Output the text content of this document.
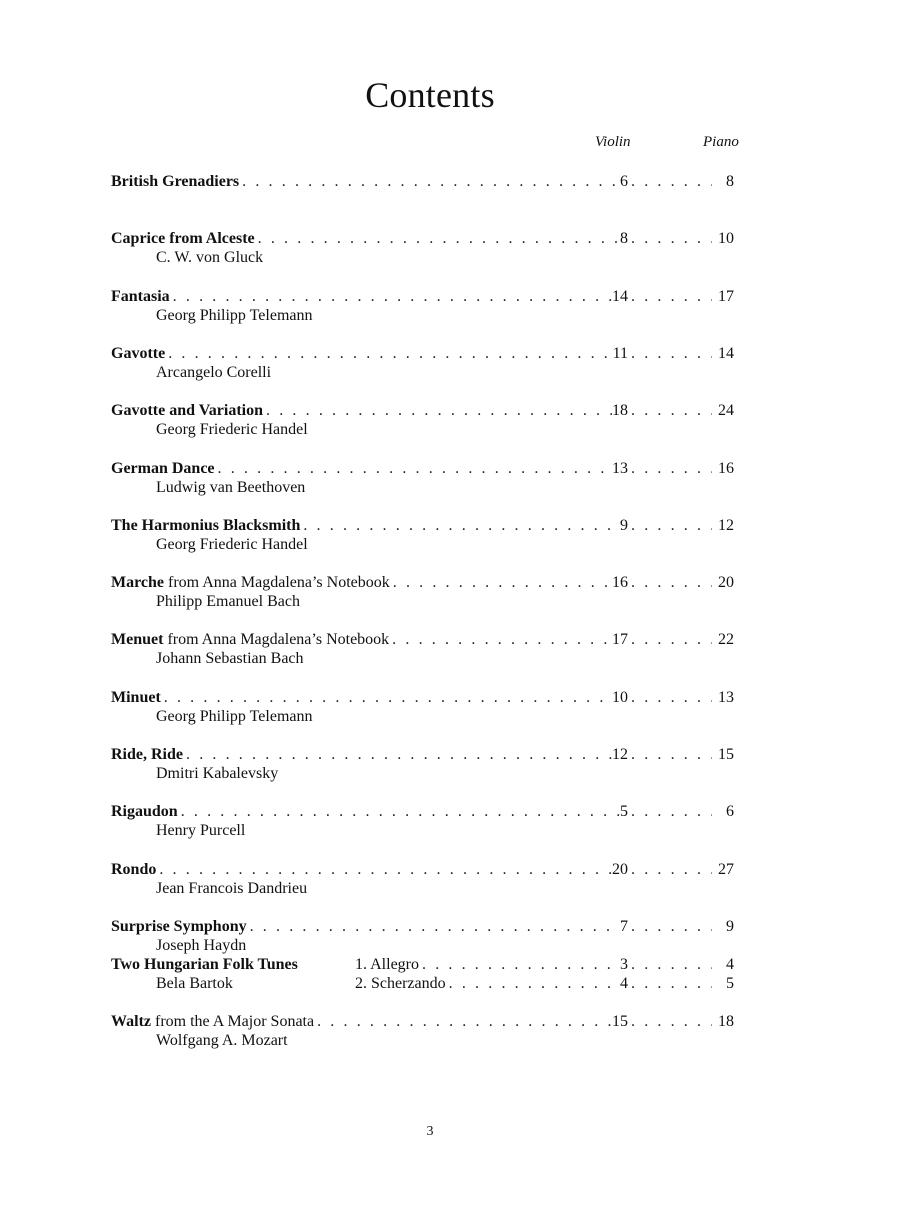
Contents
Violin	Piano
British Grenadiers . . .	6 . . .	8
Caprice from Alceste . . .	8 . . .	10
C. W. von Gluck
Fantasia . . .	14 . . .	17
Georg Philipp Telemann
Gavotte . . .	11 . . .	14
Arcangelo Corelli
Gavotte and Variation . . .	18 . . .	24
Georg Friederic Handel
German Dance . . .	13 . . .	16
Ludwig van Beethoven
The Harmonius Blacksmith . . .	9 . . .	12
Georg Friederic Handel
Marche from Anna Magdalena’s Notebook . . .	16 . . .	20
Philipp Emanuel Bach
Menuet from Anna Magdalena’s Notebook . . .	17 . . .	22
Johann Sebastian Bach
Minuet . . .	10 . . .	13
Georg Philipp Telemann
Ride, Ride . . .	12 . . .	15
Dmitri Kabalevsky
Rigaudon . . .	5 . . .	6
Henry Purcell
Rondo . . .	20 . . .	27
Jean Francois Dandrieu
Surprise Symphony . . .	7 . . .	9
Joseph Haydn
Two Hungarian Folk Tunes	1. Allegro . . .	3 . . .	4
Bela Bartok	2. Scherzando . . .	4 . . .	5
Waltz from the A Major Sonata . . .	15 . . .	18
Wolfgang A. Mozart
3
